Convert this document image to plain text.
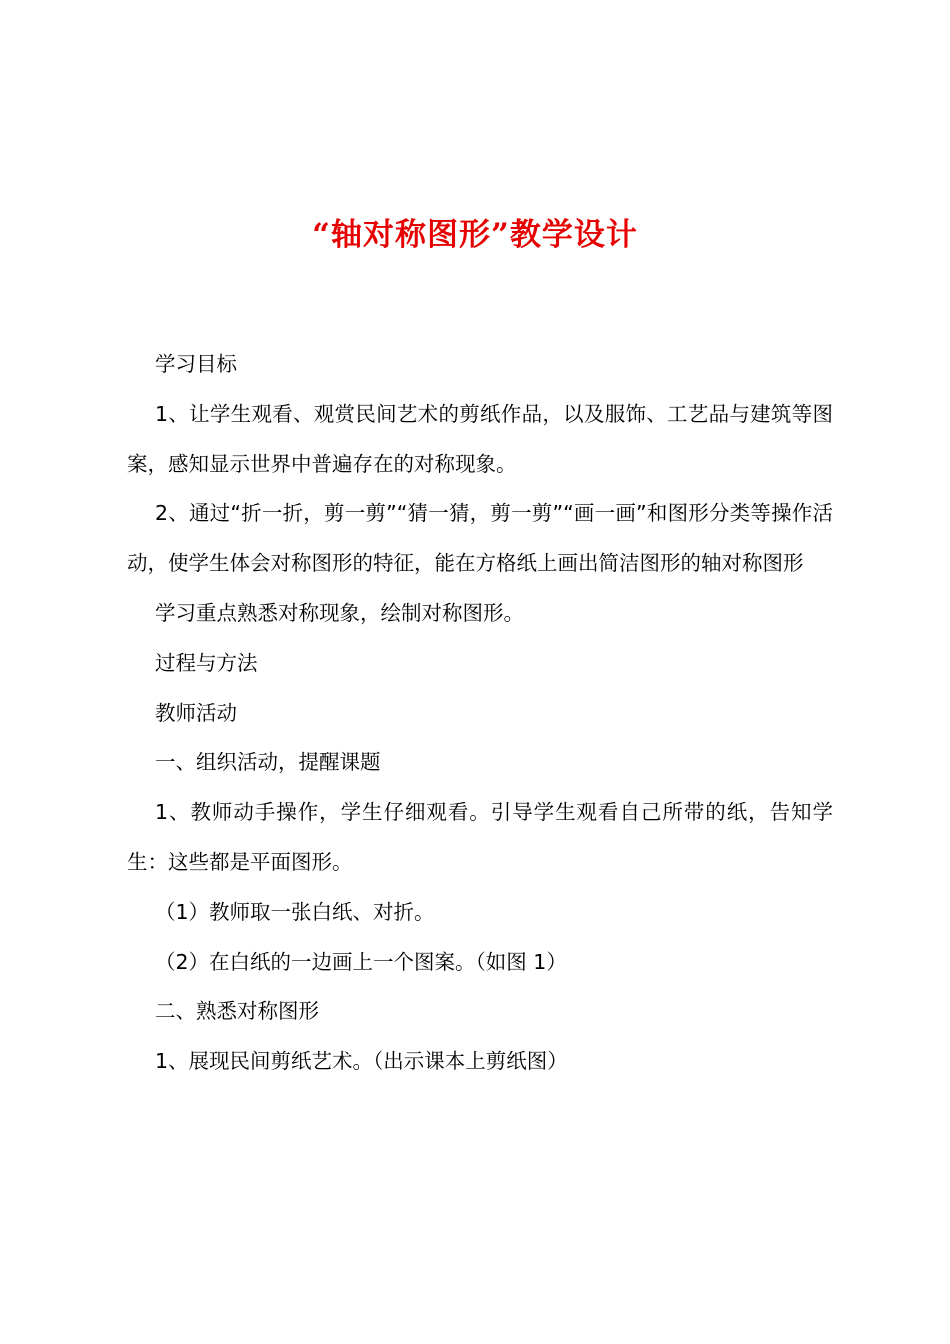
“轴对称图形”教学设计

学习目标

1、让学生观看、观赏民间艺术的剪纸作品，以及服饰、工艺品与建筑等图案，感知显示世界中普遍存在的对称现象。

2、通过“折一折，剪一剪”“猜一猜，剪一剪”“画一画”和图形分类等操作活动，使学生体会对称图形的特征，能在方格纸上画出简洁图形的轴对称图形

学习重点熟悉对称现象，绘制对称图形。

过程与方法

教师活动

一、组织活动，提醒课题

1、教师动手操作，学生仔细观看。引导学生观看自己所带的纸，告知学生：这些都是平面图形。

（1）教师取一张白纸、对折。

（2）在白纸的一边画上一个图案。（如图 1）

二、熟悉对称图形

1、展现民间剪纸艺术。（出示课本上剪纸图）
